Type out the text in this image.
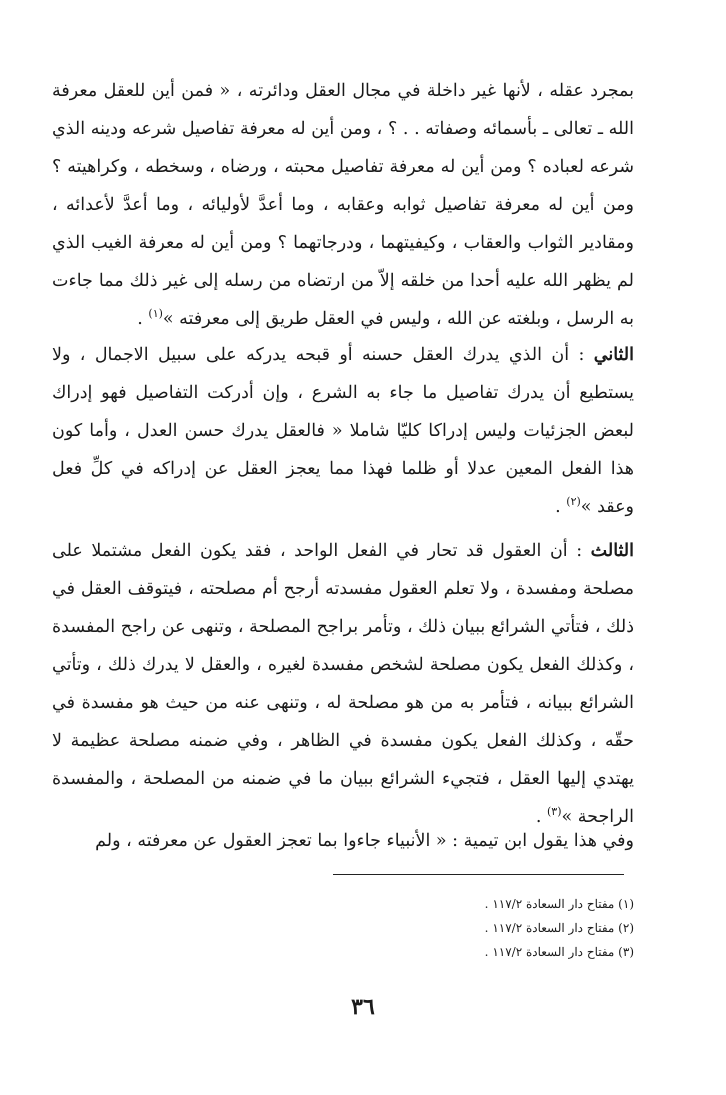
بمجرد عقله ، لأنها غير داخلة في مجال العقل ودائرته ، « فمن أين للعقل معرفة الله ـ تعالى ـ بأسمائه وصفاته . . ؟ ، ومن أين له معرفة تفاصيل شرعه ودينه الذي شرعه لعباده ؟ ومن أين له معرفة تفاصيل محبته ، ورضاه ، وسخطه ، وكراهيته ؟ ومن أين له معرفة تفاصيل ثوابه وعقابه ، وما أعدَّ لأوليائه ، وما أعدَّ لأعدائه ، ومقادير الثواب والعقاب ، وكيفيتهما ، ودرجاتهما ؟ ومن أين له معرفة الغيب الذي لم يظهر الله عليه أحدا من خلقه إلاّ من ارتضاه من رسله إلى غير ذلك مما جاءت به الرسل ، وبلغته عن الله ، وليس في العقل طريق إلى معرفته »$^{(١)}$ .

الثاني : أن الذي يدرك العقل حسنه أو قبحه يدركه على سبيل الاجمال ، ولا يستطيع أن يدرك تفاصيل ما جاء به الشرع ، وإن أدركت التفاصيل فهو إدراك لبعض الجزئيات وليس إدراكا كليّا شاملا « فالعقل يدرك حسن العدل ، وأما كون هذا الفعل المعين عدلا أو ظلما فهذا مما يعجز العقل عن إدراكه في كلِّ فعل وعقد »$^{(٢)}$ .

الثالث : أن العقول قد تحار في الفعل الواحد ، فقد يكون الفعل مشتملا على مصلحة ومفسدة ، ولا تعلم العقول مفسدته أرجح أم مصلحته ، فيتوقف العقل في ذلك ، فتأتي الشرائع ببيان ذلك ، وتأمر براجح المصلحة ، وتنهى عن راجح المفسدة ، وكذلك الفعل يكون مصلحة لشخص مفسدة لغيره ، والعقل لا يدرك ذلك ، وتأتي الشرائع ببيانه ، فتأمر به من هو مصلحة له ، وتنهى عنه من حيث هو مفسدة في حقّه ، وكذلك الفعل يكون مفسدة في الظاهر ، وفي ضمنه مصلحة عظيمة لا يهتدي إليها العقل ، فتجيء الشرائع ببيان ما في ضمنه من المصلحة ، والمفسدة الراجحة »$^{(٣)}$ .

وفي هذا يقول ابن تيمية : « الأنبياء جاءوا بما تعجز العقول عن معرفته ، ولم

(١) مفتاح دار السعادة ١١٧/٢ .
(٢) مفتاح دار السعادة ١١٧/٢ .
(٣) مفتاح دار السعادة ١١٧/٢ .
٣٦
